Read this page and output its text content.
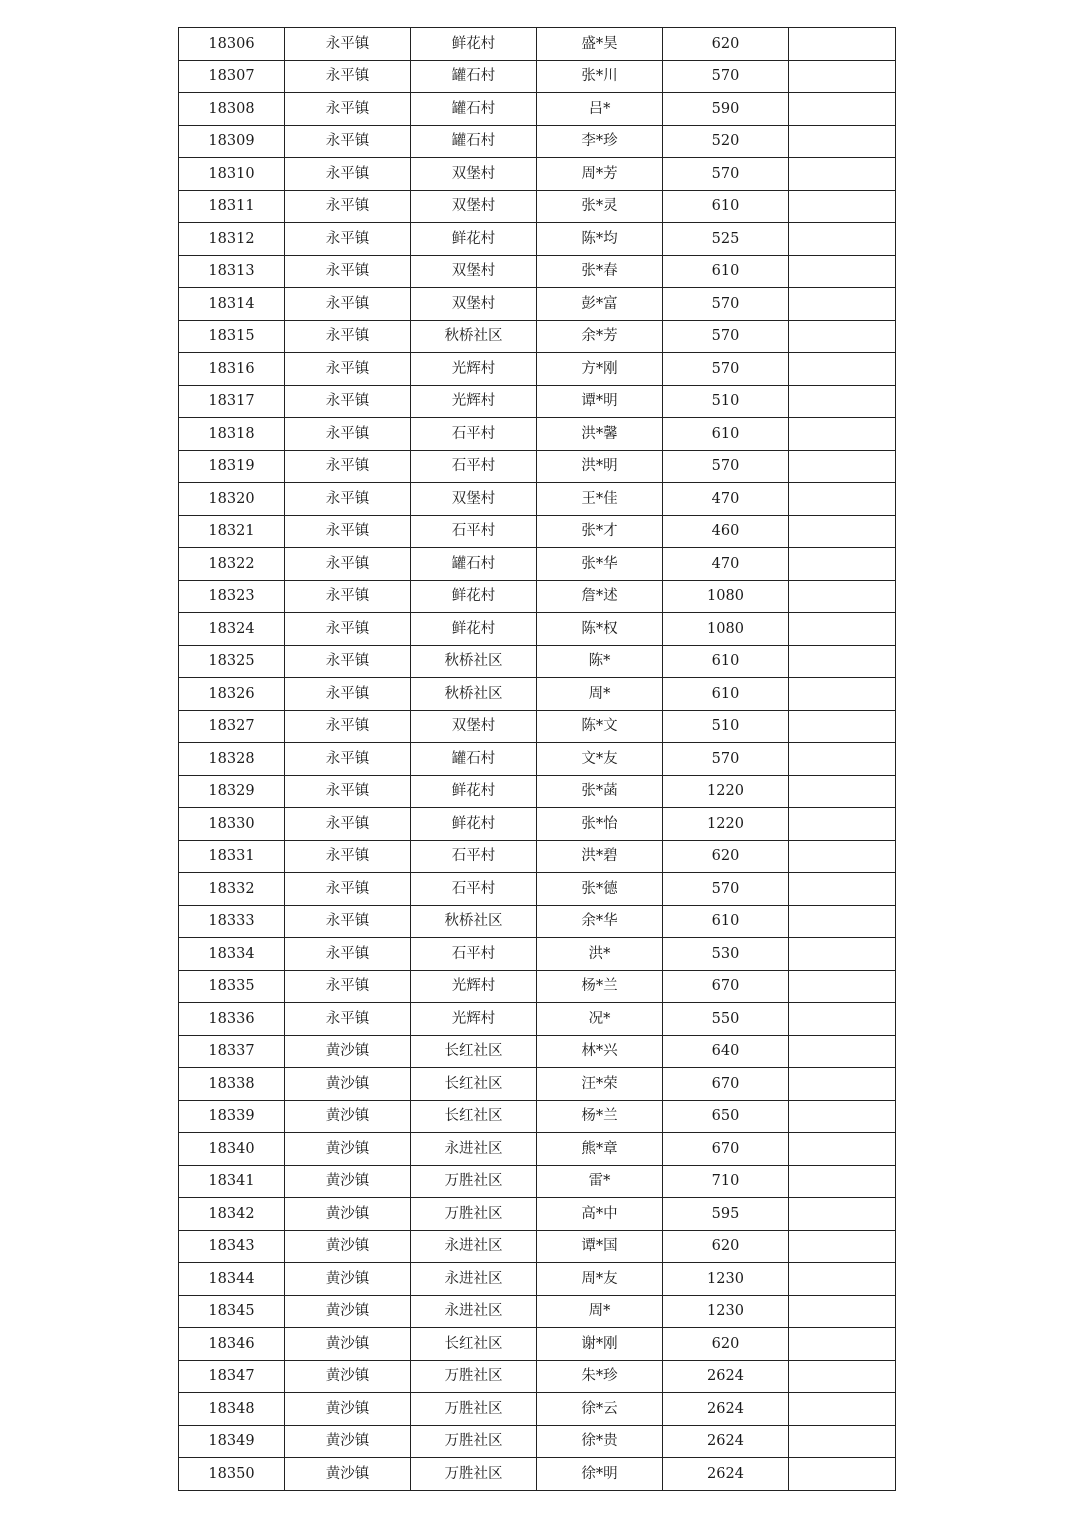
18306	永平镇	鲜花村	盛*昊	620	
18307	永平镇	罐石村	张*川	570	
18308	永平镇	罐石村	吕*	590	
18309	永平镇	罐石村	李*珍	520	
18310	永平镇	双堡村	周*芳	570	
18311	永平镇	双堡村	张*灵	610	
18312	永平镇	鲜花村	陈*均	525	
18313	永平镇	双堡村	张*春	610	
18314	永平镇	双堡村	彭*富	570	
18315	永平镇	秋桥社区	余*芳	570	
18316	永平镇	光辉村	方*刚	570	
18317	永平镇	光辉村	谭*明	510	
18318	永平镇	石平村	洪*馨	610	
18319	永平镇	石平村	洪*明	570	
18320	永平镇	双堡村	王*佳	470	
18321	永平镇	石平村	张*才	460	
18322	永平镇	罐石村	张*华	470	
18323	永平镇	鲜花村	詹*述	1080	
18324	永平镇	鲜花村	陈*权	1080	
18325	永平镇	秋桥社区	陈*	610	
18326	永平镇	秋桥社区	周*	610	
18327	永平镇	双堡村	陈*文	510	
18328	永平镇	罐石村	文*友	570	
18329	永平镇	鲜花村	张*菡	1220	
18330	永平镇	鲜花村	张*怡	1220	
18331	永平镇	石平村	洪*碧	620	
18332	永平镇	石平村	张*德	570	
18333	永平镇	秋桥社区	余*华	610	
18334	永平镇	石平村	洪*	530	
18335	永平镇	光辉村	杨*兰	670	
18336	永平镇	光辉村	况*	550	
18337	黄沙镇	长红社区	林*兴	640	
18338	黄沙镇	长红社区	汪*荣	670	
18339	黄沙镇	长红社区	杨*兰	650	
18340	黄沙镇	永进社区	熊*章	670	
18341	黄沙镇	万胜社区	雷*	710	
18342	黄沙镇	万胜社区	高*中	595	
18343	黄沙镇	永进社区	谭*国	620	
18344	黄沙镇	永进社区	周*友	1230	
18345	黄沙镇	永进社区	周*	1230	
18346	黄沙镇	长红社区	谢*刚	620	
18347	黄沙镇	万胜社区	朱*珍	2624	
18348	黄沙镇	万胜社区	徐*云	2624	
18349	黄沙镇	万胜社区	徐*贵	2624	
18350	黄沙镇	万胜社区	徐*明	2624	
